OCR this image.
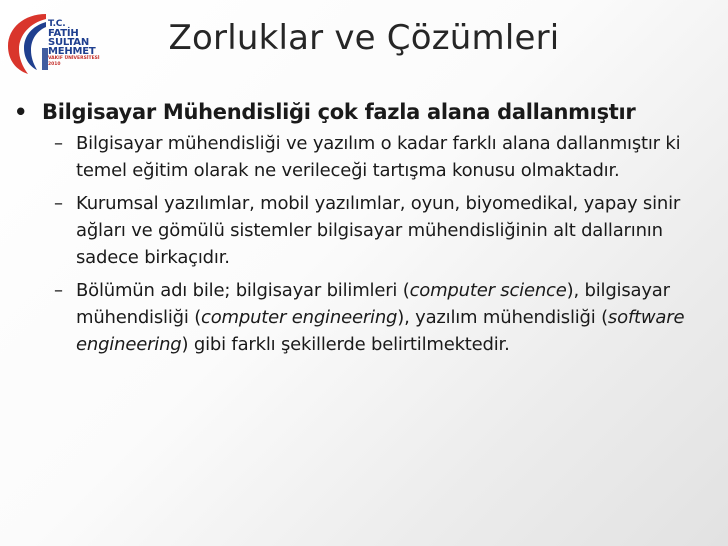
T.C.
FATİH
SULTAN
MEHMET
VAKIF ÜNİVERSİTESİ
2010
Zorluklar ve Çözümleri

• Bilgisayar Mühendisliği çok fazla alana dallanmıştır

– Bilgisayar mühendisliği ve yazılım o kadar farklı alana dallanmıştır ki temel eğitim olarak ne verileceği tartışma konusu olmaktadır.
– Kurumsal yazılımlar, mobil yazılımlar, oyun, biyomedikal, yapay sinir ağları ve gömülü sistemler bilgisayar mühendisliğinin alt dallarının sadece birkaçıdır.
– Bölümün adı bile; bilgisayar bilimleri (computer science), bilgisayar mühendisliği (computer engineering), yazılım mühendisliği (software engineering) gibi farklı şekillerde belirtilmektedir.
